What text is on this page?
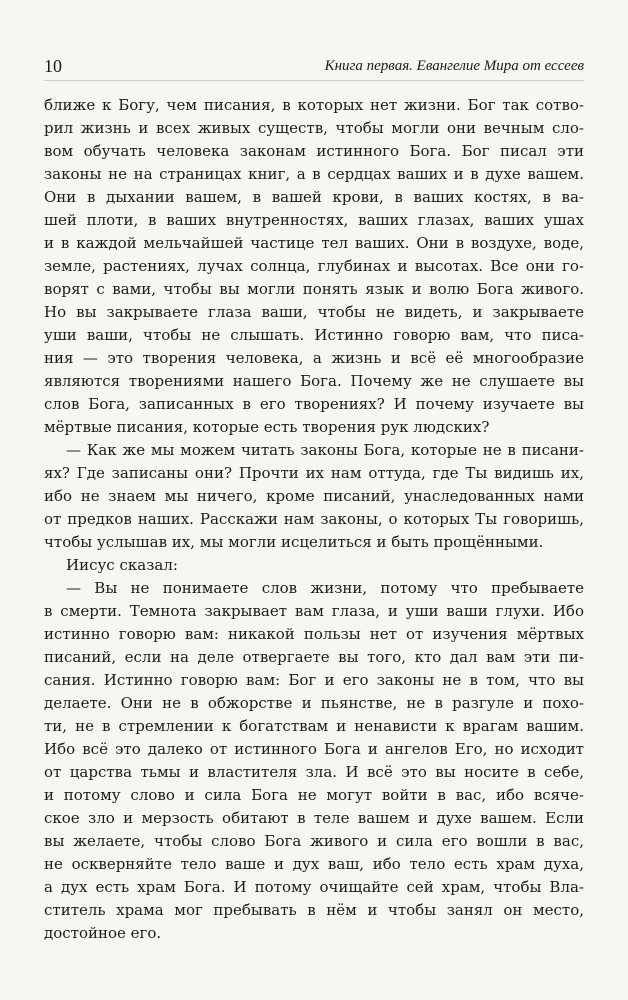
10	Книга первая. Евангелие Мира от ессеев
ближе к Богу, чем писания, в которых нет жизни. Бог так сотво-
рил жизнь и всех живых существ, чтобы могли они вечным сло-
вом обучать человека законам истинного Бога. Бог писал эти
законы не на страницах книг, а в сердцах ваших и в духе вашем.
Они в дыхании вашем, в вашей крови, в ваших костях, в ва-
шей плоти, в ваших внутренностях, ваших глазах, ваших ушах
и в каждой мельчайшей частице тел ваших. Они в воздухе, воде,
земле, растениях, лучах солнца, глубинах и высотах. Все они го-
ворят с вами, чтобы вы могли понять язык и волю Бога живого.
Но вы закрываете глаза ваши, чтобы не видеть, и закрываете
уши ваши, чтобы не слышать. Истинно говорю вам, что писа-
ния — это творения человека, а жизнь и всё её многообразие
являются творениями нашего Бога. Почему же не слушаете вы
слов Бога, записанных в его творениях? И почему изучаете вы
мёртвые писания, которые есть творения рук людских?
— Как же мы можем читать законы Бога, которые не в писани-
ях? Где записаны они? Прочти их нам оттуда, где Ты видишь их,
ибо не знаем мы ничего, кроме писаний, унаследованных нами
от предков наших. Расскажи нам законы, о которых Ты говоришь,
чтобы услышав их, мы могли исцелиться и быть прощёнными.
Иисус сказал:
— Вы не понимаете слов жизни, потому что пребываете
в смерти. Темнота закрывает вам глаза, и уши ваши глухи. Ибо
истинно говорю вам: никакой пользы нет от изучения мёртвых
писаний, если на деле отвергаете вы того, кто дал вам эти пи-
сания. Истинно говорю вам: Бог и его законы не в том, что вы
делаете. Они не в обжорстве и пьянстве, не в разгуле и похо-
ти, не в стремлении к богатствам и ненависти к врагам вашим.
Ибо всё это далеко от истинного Бога и ангелов Его, но исходит
от царства тьмы и властителя зла. И всё это вы носите в себе,
и потому слово и сила Бога не могут войти в вас, ибо всяче-
ское зло и мерзость обитают в теле вашем и духе вашем. Если
вы желаете, чтобы слово Бога живого и сила его вошли в вас,
не оскверняйте тело ваше и дух ваш, ибо тело есть храм духа,
а дух есть храм Бога. И потому очищайте сей храм, чтобы Вла-
ститель храма мог пребывать в нём и чтобы занял он место,
достойное его.
